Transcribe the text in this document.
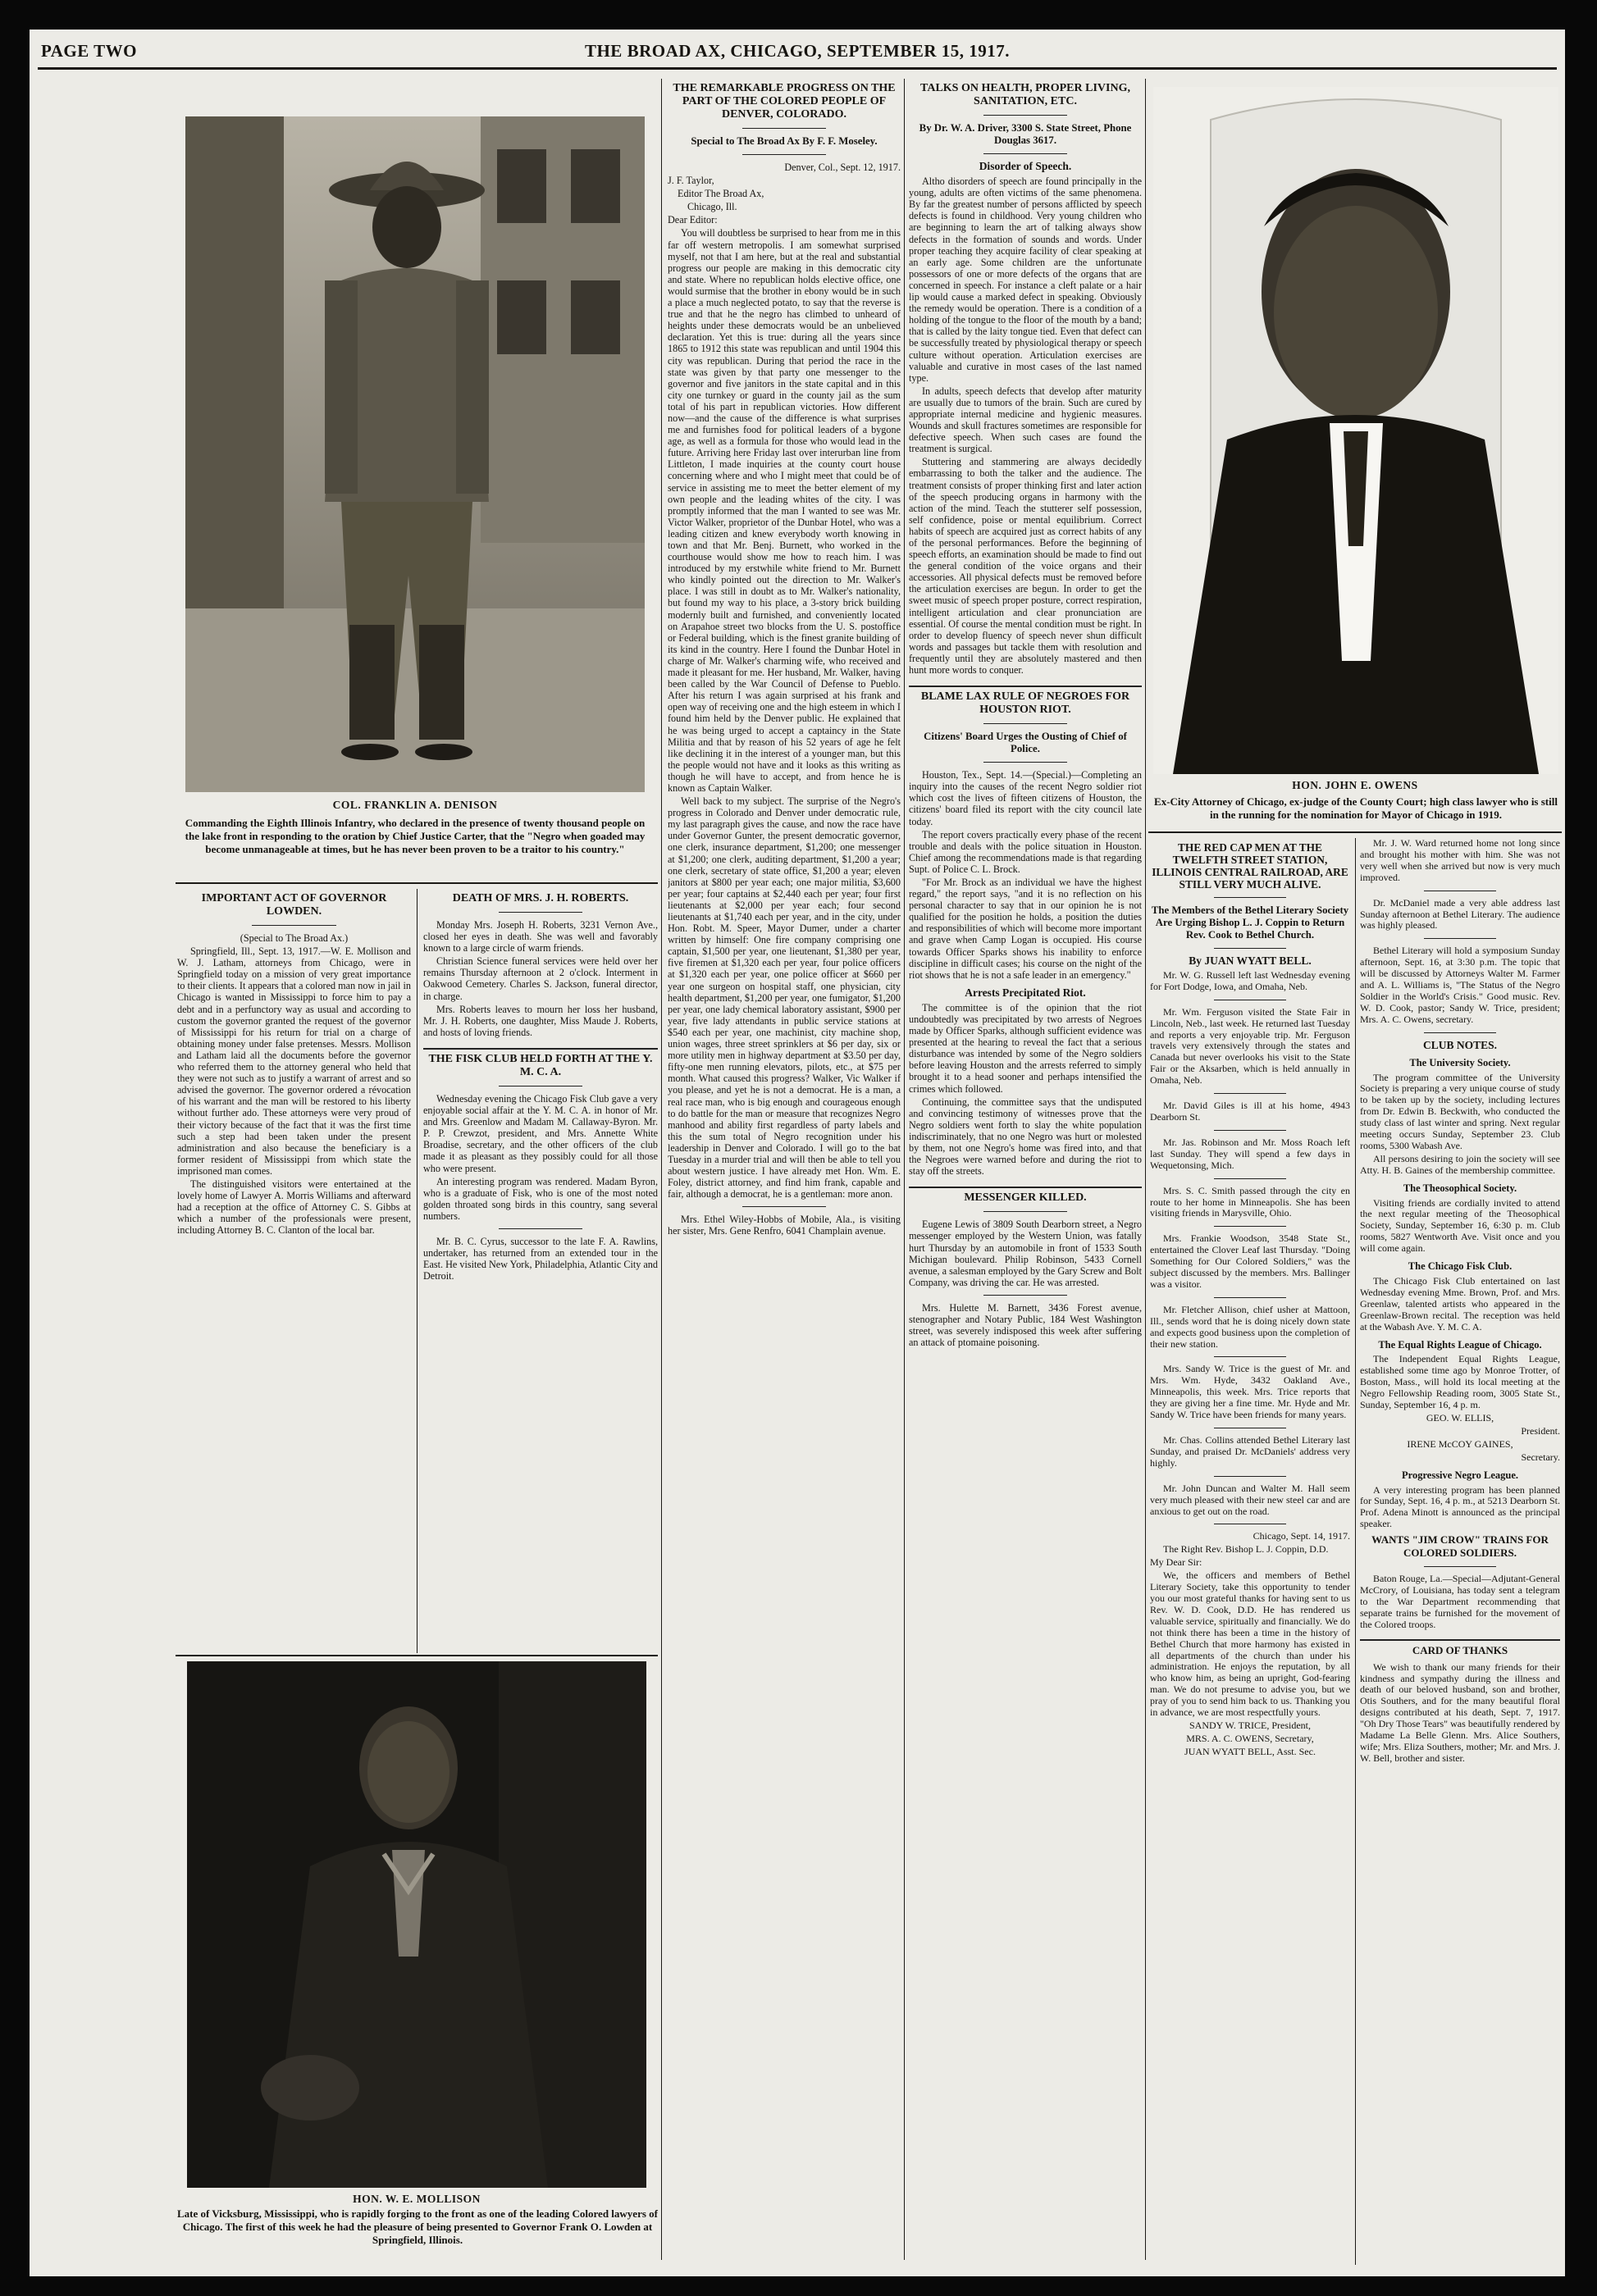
PAGE TWO	THE BROAD AX, CHICAGO, SEPTEMBER 15, 1917.
COL. FRANKLIN A. DENISON
Commanding the Eighth Illinois Infantry, who declared in the presence of twenty thousand people on the lake front in responding to the oration by Chief Justice Carter, that the "Negro when goaded may become unmanageable at times, but he has never been proven to be a traitor to his country."
IMPORTANT ACT OF GOVERNOR LOWDEN.

(Special to The Broad Ax.)

Springfield, Ill., Sept. 13, 1917.—W. E. Mollison and W. J. Latham, attorneys from Chicago, were in Springfield today on a mission of very great importance to their clients. It appears that a colored man now in jail in Chicago is wanted in Mississippi to force him to pay a debt and in a perfunctory way as usual and according to custom the governor granted the request of the governor of Mississippi for his return for trial on a charge of obtaining money under false pretenses. Messrs. Mollison and Latham laid all the documents before the governor who referred them to the attorney general who held that they were not such as to justify a warrant of arrest and so advised the governor. The governor ordered a révocation of his warrant and the man will be restored to his liberty without further ado. These attorneys were very proud of their victory because of the fact that it was the first time such a step had been taken under the present administration and also because the beneficiary is a former resident of Mississippi from which state the imprisoned man comes.

The distinguished visitors were entertained at the lovely home of Lawyer A. Morris Williams and afterward had a reception at the office of Attorney C. S. Gibbs at which a number of the professionals were present, including Attorney B. C. Clanton of the local bar.

DEATH OF MRS. J. H. ROBERTS.

Monday Mrs. Joseph H. Roberts, 3231 Vernon Ave., closed her eyes in death. She was well and favorably known to a large circle of warm friends.

Christian Science funeral services were held over her remains Thursday afternoon at 2 o'clock. Interment in Oakwood Cemetery. Charles S. Jackson, funeral director, in charge.

Mrs. Roberts leaves to mourn her loss her husband, Mr. J. H. Roberts, one daughter, Miss Maude J. Roberts, and hosts of loving friends.

THE FISK CLUB HELD FORTH AT THE Y. M. C. A.

Wednesday evening the Chicago Fisk Club gave a very enjoyable social affair at the Y. M. C. A. in honor of Mr. and Mrs. Greenlow and Madam M. Callaway-Byron. Mr. P. P. Crewzot, president, and Mrs. Annette White Broadise, secretary, and the other officers of the club made it as pleasant as they possibly could for all those who were present.

An interesting program was rendered. Madam Byron, who is a graduate of Fisk, who is one of the most noted golden throated song birds in this country, sang several numbers.

Mr. B. C. Cyrus, successor to the late F. A. Rawlins, undertaker, has returned from an extended tour in the East. He visited New York, Philadelphia, Atlantic City and Detroit.

HON. W. E. MOLLISON
Late of Vicksburg, Mississippi, who is rapidly forging to the front as one of the leading Colored lawyers of Chicago. The first of this week he had the pleasure of being presented to Governor Frank O. Lowden at Springfield, Illinois.
THE REMARKABLE PROGRESS ON THE PART OF THE COLORED PEOPLE OF DENVER, COLORADO.
Special to The Broad Ax By F. F. Moseley.

Denver, Col., Sept. 12, 1917.

J. F. Taylor,

Editor The Broad Ax,

Chicago, Ill.

Dear Editor:

You will doubtless be surprised to hear from me in this far off western metropolis. I am somewhat surprised myself, not that I am here, but at the real and substantial progress our people are making in this democratic city and state. Where no republican holds elective office, one would surmise that the brother in ebony would be in such a place a much neglected potato, to say that the reverse is true and that he the negro has climbed to unheard of heights under these democrats would be an unbelieved declaration. Yet this is true: during all the years since 1865 to 1912 this state was republican and until 1904 this city was republican. During that period the race in the state was given by that party one messenger to the governor and five janitors in the state capital and in this city one turnkey or guard in the county jail as the sum total of his part in republican victories. How different now—and the cause of the difference is what surprises me and furnishes food for political leaders of a bygone age, as well as a formula for those who would lead in the future. Arriving here Friday last over interurban line from Littleton, I made inquiries at the county court house concerning where and who I might meet that could be of service in assisting me to meet the better element of my own people and the leading whites of the city. I was promptly informed that the man I wanted to see was Mr. Victor Walker, proprietor of the Dunbar Hotel, who was a leading citizen and knew everybody worth knowing in town and that Mr. Benj. Burnett, who worked in the courthouse would show me how to reach him. I was introduced by my erstwhile white friend to Mr. Burnett who kindly pointed out the direction to Mr. Walker's place. I was still in doubt as to Mr. Walker's nationality, but found my way to his place, a 3-story brick building modernly built and furnished, and conveniently located on Arapahoe street two blocks from the U. S. postoffice or Federal building, which is the finest granite building of its kind in the country. Here I found the Dunbar Hotel in charge of Mr. Walker's charming wife, who received and made it pleasant for me. Her husband, Mr. Walker, having been called by the War Council of Defense to Pueblo. After his return I was again surprised at his frank and open way of receiving one and the high esteem in which I found him held by the Denver public. He explained that he was being urged to accept a captaincy in the State Militia and that by reason of his 52 years of age he felt like declining it in the interest of a younger man, but this the people would not have and it looks as this writing as though he will have to accept, and from hence he is known as Captain Walker.

Well back to my subject. The surprise of the Negro's progress in Colorado and Denver under democratic rule, my last paragraph gives the cause, and now the race have under Governor Gunter, the present democratic governor, one clerk, insurance department, $1,200; one messenger at $1,200; one clerk, auditing department, $1,200 a year; one clerk, secretary of state office, $1,200 a year; eleven janitors at $800 per year each; one major militia, $3,600 per year; four captains at $2,440 each per year; four first lieutenants at $2,000 per year each; four second lieutenants at $1,740 each per year, and in the city, under Hon. Robt. M. Speer, Mayor Dumer, under a charter written by himself: One fire company comprising one captain, $1,500 per year, one lieutenant, $1,380 per year, five firemen at $1,320 each per year, four police officers at $1,320 each per year, one police officer at $660 per year one surgeon on hospital staff, one physician, city health department, $1,200 per year, one fumigator, $1,200 per year, one lady chemical laboratory assistant, $900 per year, five lady attendants in public service stations at $540 each per year, one machinist, city machine shop, union wages, three street sprinklers at $6 per day, six or more utility men in highway department at $3.50 per day, fifty-one men running elevators, pilots, etc., at $75 per month. What caused this progress? Walker, Vic Walker if you please, and yet he is not a democrat. He is a man, a real race man, who is big enough and courageous enough to do battle for the man or measure that recognizes Negro manhood and ability first regardless of party labels and this the sum total of Negro recognition under his leadership in Denver and Colorado. I will go to the bat Tuesday in a murder trial and will then be able to tell you about western justice. I have already met Hon. Wm. E. Foley, district attorney, and find him frank, capable and fair, although a democrat, he is a gentleman: more anon.

Mrs. Ethel Wiley-Hobbs of Mobile, Ala., is visiting her sister, Mrs. Gene Renfro, 6041 Champlain avenue.

TALKS ON HEALTH, PROPER LIVING, SANITATION, ETC.
By Dr. W. A. Driver, 3300 S. State Street, Phone Douglas 3617.
Disorder of Speech.

Altho disorders of speech are found principally in the young, adults are often victims of the same phenomena. By far the greatest number of persons afflicted by speech defects is found in childhood. Very young children who are beginning to learn the art of talking always show defects in the formation of sounds and words. Under proper teaching they acquire facility of clear speaking at an early age. Some children are the unfortunate possessors of one or more defects of the organs that are concerned in speech. For instance a cleft palate or a hair lip would cause a marked defect in speaking. Obviously the remedy would be operation. There is a condition of a holding of the tongue to the floor of the mouth by a band; that is called by the laity tongue tied. Even that defect can be successfully treated by physiological therapy or speech culture without operation. Articulation exercises are valuable and curative in most cases of the last named type.

In adults, speech defects that develop after maturity are usually due to tumors of the brain. Such are cured by appropriate internal medicine and hygienic measures. Wounds and skull fractures sometimes are responsible for defective speech. When such cases are found the treatment is surgical.

Stuttering and stammering are always decidedly embarrassing to both the talker and the audience. The treatment consists of proper thinking first and later action of the speech producing organs in harmony with the action of the mind. Teach the stutterer self possession, self confidence, poise or mental equilibrium. Correct habits of speech are acquired just as correct habits of any of the personal performances. Before the beginning of speech efforts, an examination should be made to find out the general condition of the voice organs and their accessories. All physical defects must be removed before the articulation exercises are begun. In order to get the sweet music of speech proper posture, correct respiration, intelligent articulation and clear pronunciation are essential. Of course the mental condition must be right. In order to develop fluency of speech never shun difficult words and passages but tackle them with resolution and frequently until they are absolutely mastered and then hunt more words to conquer.

BLAME LAX RULE OF NEGROES FOR HOUSTON RIOT.
Citizens' Board Urges the Ousting of Chief of Police.

Houston, Tex., Sept. 14.—(Special.)—Completing an inquiry into the causes of the recent Negro soldier riot which cost the lives of fifteen citizens of Houston, the citizens' board filed its report with the city council late today.

The report covers practically every phase of the recent trouble and deals with the police situation in Houston. Chief among the recommendations made is that regarding Supt. of Police C. L. Brock.

"For Mr. Brock as an individual we have the highest regard," the report says, "and it is no reflection on his personal character to say that in our opinion he is not qualified for the position he holds, a position the duties and responsibilities of which will become more important and grave when Camp Logan is occupied. His course towards Officer Sparks shows his inability to enforce discipline in difficult cases; his course on the night of the riot shows that he is not a safe leader in an emergency."

Arrests Precipitated Riot.

The committee is of the opinion that the riot undoubtedly was precipitated by two arrests of Negroes made by Officer Sparks, although sufficient evidence was presented at the hearing to reveal the fact that a serious disturbance was intended by some of the Negro soldiers before leaving Houston and the arrests referred to simply brought it to a head sooner and perhaps intensified the crimes which followed.

Continuing, the committee says that the undisputed and convincing testimony of witnesses prove that the Negro soldiers went forth to slay the white population indiscriminately, that no one Negro was hurt or molested by them, not one Negro's home was fired into, and that the Negroes were warned before and during the riot to stay off the streets.

MESSENGER KILLED.

Eugene Lewis of 3809 South Dearborn street, a Negro messenger employed by the Western Union, was fatally hurt Thursday by an automobile in front of 1533 South Michigan boulevard. Philip Robinson, 5433 Cornell avenue, a salesman employed by the Gary Screw and Bolt Company, was driving the car. He was arrested.

Mrs. Hulette M. Barnett, 3436 Forest avenue, stenographer and Notary Public, 184 West Washington street, was severely indisposed this week after suffering an attack of ptomaine poisoning.

HON. JOHN E. OWENS
Ex-City Attorney of Chicago, ex-judge of the County Court; high class lawyer who is still in the running for the nomination for Mayor of Chicago in 1919.
THE RED CAP MEN AT THE TWELFTH STREET STATION, ILLINOIS CENTRAL RAILROAD, ARE STILL VERY MUCH ALIVE.
The Members of the Bethel Literary Society Are Urging Bishop L. J. Coppin to Return Rev. Cook to Bethel Church.
By JUAN WYATT BELL.

Mr. W. G. Russell left last Wednesday evening for Fort Dodge, Iowa, and Omaha, Neb.

Mr. Wm. Ferguson visited the State Fair in Lincoln, Neb., last week. He returned last Tuesday and reports a very enjoyable trip. Mr. Ferguson travels very extensively through the states and Canada but never overlooks his visit to the State Fair or the Aksarben, which is held annually in Omaha, Neb.

Mr. David Giles is ill at his home, 4943 Dearborn St.

Mr. Jas. Robinson and Mr. Moss Roach left last Sunday. They will spend a few days in Wequetonsing, Mich.

Mrs. S. C. Smith passed through the city en route to her home in Minneapolis. She has been visiting friends in Marysville, Ohio.

Mrs. Frankie Woodson, 3548 State St., entertained the Clover Leaf last Thursday. "Doing Something for Our Colored Soldiers," was the subject discussed by the members. Mrs. Ballinger was a visitor.

Mr. Fletcher Allison, chief usher at Mattoon, Ill., sends word that he is doing nicely down state and expects good business upon the completion of their new station.

Mrs. Sandy W. Trice is the guest of Mr. and Mrs. Wm. Hyde, 3432 Oakland Ave., Minneapolis, this week. Mrs. Trice reports that they are giving her a fine time. Mr. Hyde and Mr. Sandy W. Trice have been friends for many years.

Mr. Chas. Collins attended Bethel Literary last Sunday, and praised Dr. McDaniels' address very highly.

Mr. John Duncan and Walter M. Hall seem very much pleased with their new steel car and are anxious to get out on the road.

Chicago, Sept. 14, 1917.

The Right Rev. Bishop L. J. Coppin, D.D.

My Dear Sir:

We, the officers and members of Bethel Literary Society, take this opportunity to tender you our most grateful thanks for having sent to us Rev. W. D. Cook, D.D. He has rendered us valuable service, spiritually and financially. We do not think there has been a time in the history of Bethel Church that more harmony has existed in all departments of the church than under his administration. He enjoys the reputation, by all who know him, as being an upright, God-fearing man. We do not presume to advise you, but we pray of you to send him back to us. Thanking you in advance, we are most respectfully yours.

SANDY W. TRICE, President,

MRS. A. C. OWENS, Secretary,

JUAN WYATT BELL, Asst. Sec.

Mr. J. W. Ward returned home not long since and brought his mother with him. She was not very well when she arrived but now is very much improved.

Dr. McDaniel made a very able address last Sunday afternoon at Bethel Literary. The audience was highly pleased.

Bethel Literary will hold a symposium Sunday afternoon, Sept. 16, at 3:30 p.m. The topic that will be discussed by Attorneys Walter M. Farmer and A. L. Williams is, "The Status of the Negro Soldier in the World's Crisis." Good music. Rev. W. D. Cook, pastor; Sandy W. Trice, president; Mrs. A. C. Owens, secretary.

CLUB NOTES.
The University Society.

The program committee of the University Society is preparing a very unique course of study to be taken up by the society, including lectures from Dr. Edwin B. Beckwith, who conducted the study class of last winter and spring. Next regular meeting occurs Sunday, September 23. Club rooms, 5300 Wabash Ave.

All persons desiring to join the society will see Atty. H. B. Gaines of the membership committee.

The Theosophical Society.

Visiting friends are cordially invited to attend the next regular meeting of the Theosophical Society, Sunday, September 16, 6:30 p. m. Club rooms, 5827 Wentworth Ave. Visit once and you will come again.

The Chicago Fisk Club.

The Chicago Fisk Club entertained on last Wednesday evening Mme. Brown, Prof. and Mrs. Greenlaw, talented artists who appeared in the Greenlaw-Brown recital. The reception was held at the Wabash Ave. Y. M. C. A.

The Equal Rights League of Chicago.

The Independent Equal Rights League, established some time ago by Monroe Trotter, of Boston, Mass., will hold its local meeting at the Negro Fellowship Reading room, 3005 State St., Sunday, September 16, 4 p. m.

GEO. W. ELLIS,

President.

IRENE McCOY GAINES,

Secretary.

Progressive Negro League.

A very interesting program has been planned for Sunday, Sept. 16, 4 p. m., at 5213 Dearborn St. Prof. Adena Minott is announced as the principal speaker.

WANTS "JIM CROW" TRAINS FOR COLORED SOLDIERS.

Baton Rouge, La.—Special—Adjutant-General McCrory, of Louisiana, has today sent a telegram to the War Department recommending that separate trains be furnished for the movement of the Colored troops.

CARD OF THANKS

We wish to thank our many friends for their kindness and sympathy during the illness and death of our beloved husband, son and brother, Otis Southers, and for the many beautiful floral designs contributed at his death, Sept. 7, 1917. "Oh Dry Those Tears" was beautifully rendered by Madame La Belle Glenn. Mrs. Alice Southers, wife; Mrs. Eliza Southers, mother; Mr. and Mrs. J. W. Bell, brother and sister.
